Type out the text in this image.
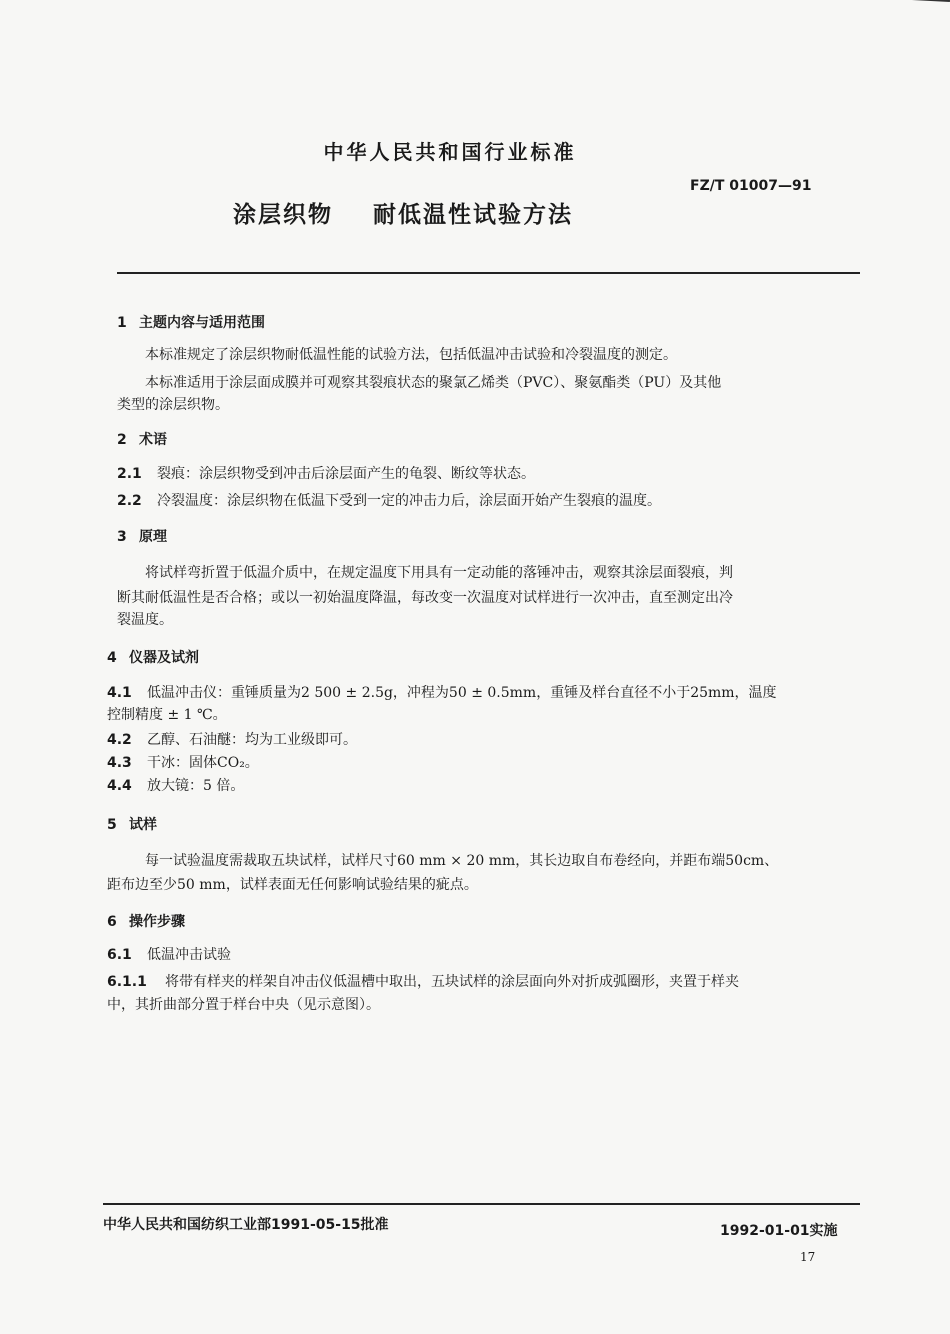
中华人民共和国行业标准
FZ/T 01007—91
涂层织物    耐低温性试验方法
1 主题内容与适用范围
本标准规定了涂层织物耐低温性能的试验方法，包括低温冲击试验和冷裂温度的测定。
本标准适用于涂层面成膜并可观察其裂痕状态的聚氯乙烯类（PVC）、聚氨酯类（PU）及其他
类型的涂层织物。
2 术语
2.1 裂痕：涂层织物受到冲击后涂层面产生的龟裂、断纹等状态。
2.2 冷裂温度：涂层织物在低温下受到一定的冲击力后，涂层面开始产生裂痕的温度。
3 原理
将试样弯折置于低温介质中，在规定温度下用具有一定动能的落锤冲击，观察其涂层面裂痕，判
断其耐低温性是否合格；或以一初始温度降温，每改变一次温度对试样进行一次冲击，直至测定出冷
裂温度。
4 仪器及试剂
4.1 低温冲击仪：重锤质量为2 500 ± 2.5g，冲程为50 ± 0.5mm，重锤及样台直径不小于25mm，温度
控制精度 ± 1 ℃。
4.2 乙醇、石油醚：均为工业级即可。
4.3 干冰：固体CO₂。
4.4 放大镜：5 倍。
5 试样
每一试验温度需裁取五块试样，试样尺寸60 mm × 20 mm，其长边取自布卷经向，并距布端50cm、
距布边至少50 mm，试样表面无任何影响试验结果的疵点。
6 操作步骤
6.1 低温冲击试验
6.1.1 将带有样夹的样架自冲击仪低温槽中取出，五块试样的涂层面向外对折成弧圈形，夹置于样夹
中，其折曲部分置于样台中央（见示意图）。
中华人民共和国纺织工业部1991-05-15批准	1992-01-01实施
17
